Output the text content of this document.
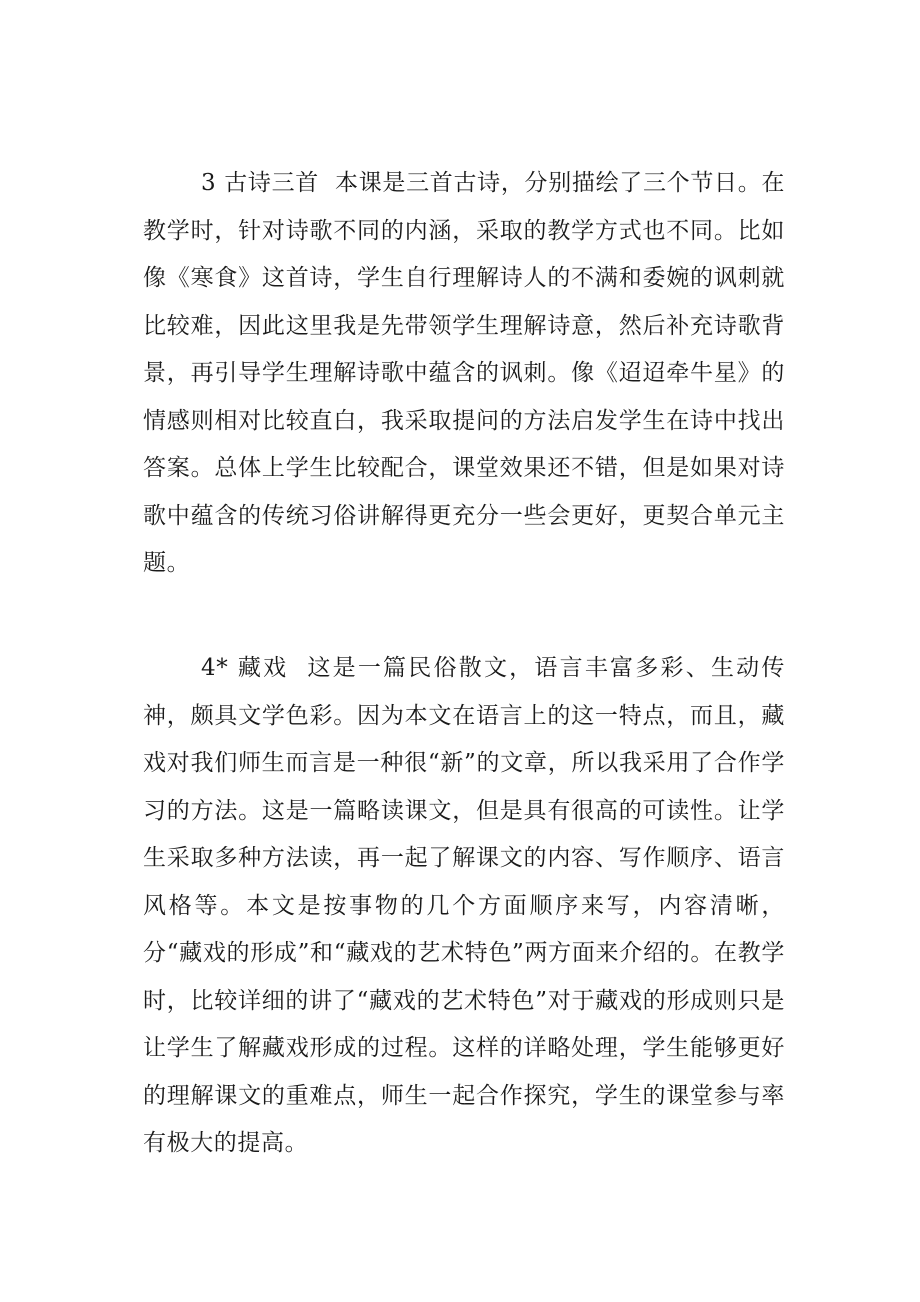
3 古诗三首 本课是三首古诗，分别描绘了三个节日。在教学时，针对诗歌不同的内涵，采取的教学方式也不同。比如像《寒食》这首诗，学生自行理解诗人的不满和委婉的讽刺就比较难，因此这里我是先带领学生理解诗意，然后补充诗歌背景，再引导学生理解诗歌中蕴含的讽刺。像《迢迢牵牛星》的情感则相对比较直白，我采取提问的方法启发学生在诗中找出答案。总体上学生比较配合，课堂效果还不错，但是如果对诗歌中蕴含的传统习俗讲解得更充分一些会更好，更契合单元主题。

4* 藏戏 这是一篇民俗散文，语言丰富多彩、生动传神，颇具文学色彩。因为本文在语言上的这一特点，而且，藏戏对我们师生而言是一种很“新”的文章，所以我采用了合作学习的方法。这是一篇略读课文，但是具有很高的可读性。让学生采取多种方法读，再一起了解课文的内容、写作顺序、语言风格等。本文是按事物的几个方面顺序来写，内容清晰，分“藏戏的形成”和“藏戏的艺术特色”两方面来介绍的。在教学时，比较详细的讲了“藏戏的艺术特色”对于藏戏的形成则只是让学生了解藏戏形成的过程。这样的详略处理，学生能够更好的理解课文的重难点，师生一起合作探究，学生的课堂参与率有极大的提高。
